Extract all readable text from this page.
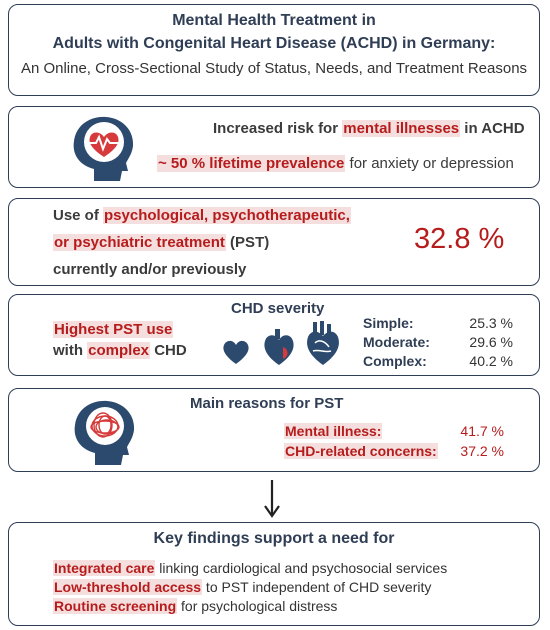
Mental Health Treatment in
Adults with Congenital Heart Disease (ACHD) in Germany:
An Online, Cross-Sectional Study of Status, Needs, and Treatment Reasons
Increased risk for mental illnesses in ACHD
~ 50 % lifetime prevalence for anxiety or depression
Use of psychological, psychotherapeutic,
or psychiatric treatment (PST)
currently and/or previously
32.8 %
CHD severity
Highest PST use
with complex CHD
Simple:	25.3 %
Moderate:	29.6 %
Complex:	40.2 %
Main reasons for PST
Mental illness:	41.7 %
CHD-related concerns: 37.2 %
Key findings support a need for
Integrated care linking cardiological and psychosocial services
Low-threshold access to PST independent of CHD severity
Routine screening for psychological distress
